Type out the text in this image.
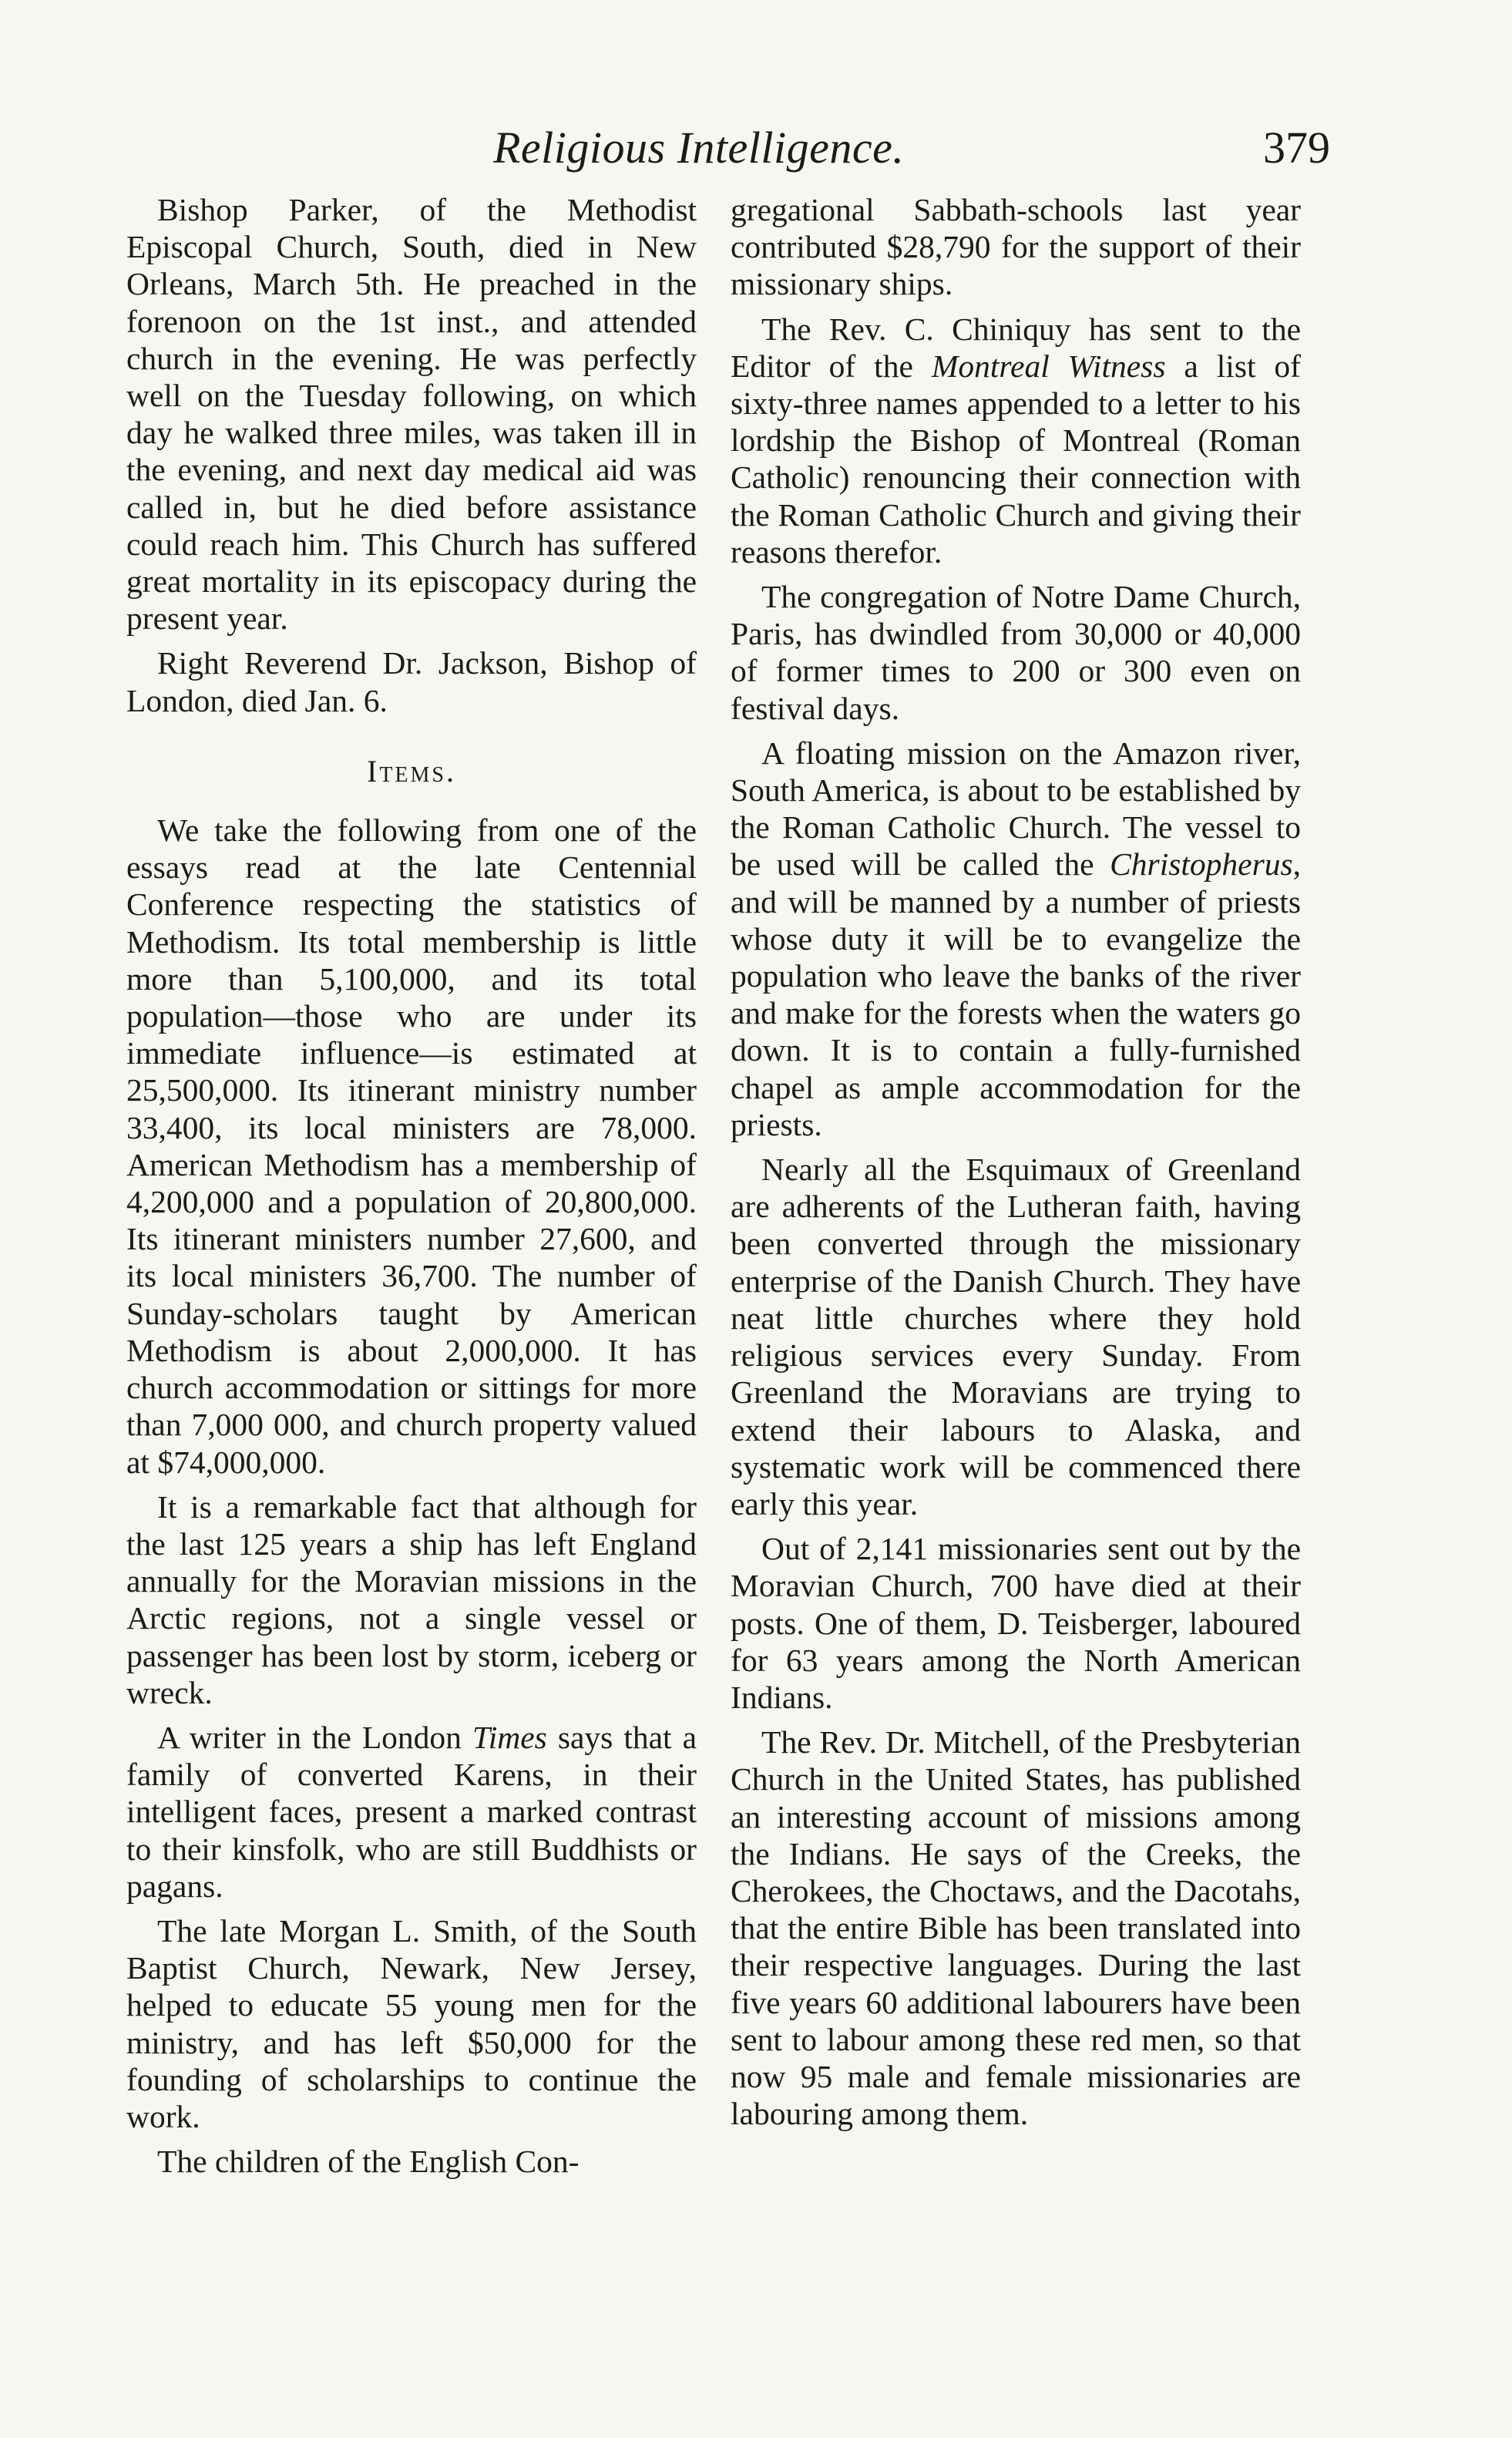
Religious Intelligence.	379

Bishop Parker, of the Methodist Episcopal Church, South, died in New Orleans, March 5th. He preached in the forenoon on the 1st inst., and attended church in the evening. He was perfectly well on the Tuesday following, on which day he walked three miles, was taken ill in the evening, and next day medical aid was called in, but he died before assistance could reach him. This Church has suffered great mortality in its episcopacy during the present year.

Right Reverend Dr. Jackson, Bishop of London, died Jan. 6.

Items.

We take the following from one of the essays read at the late Centennial Conference respecting the statistics of Methodism. Its total membership is little more than 5,100,000, and its total population—those who are under its immediate influence—is estimated at 25,500,000. Its itinerant ministry number 33,400, its local ministers are 78,000. American Methodism has a membership of 4,200,000 and a population of 20,800,000. Its itinerant ministers number 27,600, and its local ministers 36,700. The number of Sunday-scholars taught by American Methodism is about 2,000,000. It has church accommodation or sittings for more than 7,000 000, and church property valued at $74,000,000.

It is a remarkable fact that although for the last 125 years a ship has left England annually for the Moravian missions in the Arctic regions, not a single vessel or passenger has been lost by storm, iceberg or wreck.

A writer in the London Times says that a family of converted Karens, in their intelligent faces, present a marked contrast to their kinsfolk, who are still Buddhists or pagans.

The late Morgan L. Smith, of the South Baptist Church, Newark, New Jersey, helped to educate 55 young men for the ministry, and has left $50,000 for the founding of scholarships to continue the work.

The children of the English Con-

gregational Sabbath-schools last year contributed $28,790 for the support of their missionary ships.

The Rev. C. Chiniquy has sent to the Editor of the Montreal Witness a list of sixty-three names appended to a letter to his lordship the Bishop of Montreal (Roman Catholic) renouncing their connection with the Roman Catholic Church and giving their reasons therefor.

The congregation of Notre Dame Church, Paris, has dwindled from 30,000 or 40,000 of former times to 200 or 300 even on festival days.

A floating mission on the Amazon river, South America, is about to be established by the Roman Catholic Church. The vessel to be used will be called the Christopherus, and will be manned by a number of priests whose duty it will be to evangelize the population who leave the banks of the river and make for the forests when the waters go down. It is to contain a fully-furnished chapel as ample accommodation for the priests.

Nearly all the Esquimaux of Greenland are adherents of the Lutheran faith, having been converted through the missionary enterprise of the Danish Church. They have neat little churches where they hold religious services every Sunday. From Greenland the Moravians are trying to extend their labours to Alaska, and systematic work will be commenced there early this year.

Out of 2,141 missionaries sent out by the Moravian Church, 700 have died at their posts. One of them, D. Teisberger, laboured for 63 years among the North American Indians.

The Rev. Dr. Mitchell, of the Presbyterian Church in the United States, has published an interesting account of missions among the Indians. He says of the Creeks, the Cherokees, the Choctaws, and the Dacotahs, that the entire Bible has been translated into their respective languages. During the last five years 60 additional labourers have been sent to labour among these red men, so that now 95 male and female missionaries are labouring among them.
